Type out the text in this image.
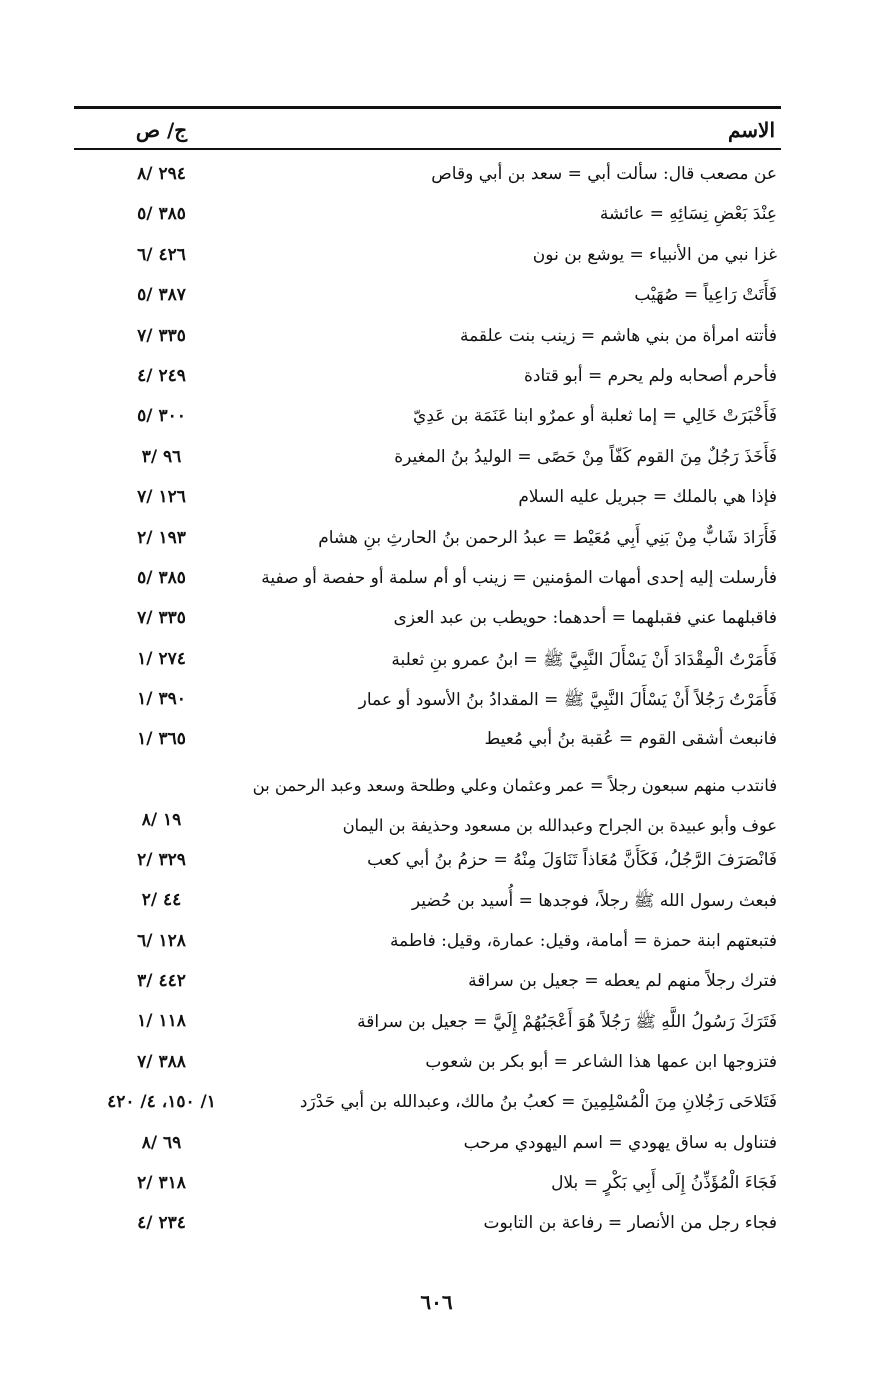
الاسم
ج/ ص
عن مصعب قال: سألت أبي = سعد بن أبي وقاص
٢٩٤ /٨
عِنْدَ بَعْضِ نِسَائِهِ = عائشة
٣٨٥ /٥
غزا نبي من الأنبياء = يوشع بن نون
٤٢٦ /٦
فَأَتَتْ رَاعِياً = صُهَيْب
٣٨٧ /٥
فأتته امرأة من بني هاشم = زينب بنت علقمة
٣٣٥ /٧
فأحرم أصحابه ولم يحرم = أبو قتادة
٢٤٩ /٤
فَأَخْبَرَتْ خَالِي = إما ثعلبة أو عمرٌو ابنا عَنَمَة بن عَدِيّ
٣٠٠ /٥
فَأَخَذَ رَجُلٌ مِنَ القوم كَفّاً مِنْ حَصًى = الوليدُ بنُ المغيرة
٩٦ /٣
فإذا هي بالملك = جبريل عليه السلام
١٢٦ /٧
فَأَرَادَ شَابٌّ مِنْ بَنِي أَبِي مُعَيْط = عبدُ الرحمن بنُ الحارثِ بنِ هشام
١٩٣ /٢
فأرسلت إليه إحدى أمهات المؤمنين = زينب أو أم سلمة أو حفصة أو صفية
٣٨٥ /٥
فاقبلهما عني فقبلهما = أحدهما: حويطب بن عبد العزى
٣٣٥ /٧
فَأَمَرْتُ الْمِقْدَادَ أَنْ يَسْأَلَ النَّبِيَّ ﷺ = ابنُ عمرو بنِ ثعلبة
٢٧٤ /١
فَأَمَرْتُ رَجُلاً أَنْ يَسْأَلَ النَّبِيَّ ﷺ = المقدادُ بنُ الأسود أو عمار
٣٩٠ /١
فانبعث أشقى القوم = عُقبة بنُ أبي مُعيط
٣٦٥ /١
فانتدب منهم سبعون رجلاً = عمر وعثمان وعلي وطلحة وسعد وعبد الرحمن بن
عوف وأبو عبيدة بن الجراح وعبدالله بن مسعود وحذيفة بن اليمان
١٩ /٨
فَانْصَرَفَ الرَّجُلُ، فَكَأَنَّ مُعَاذاً تَنَاوَلَ مِنْهُ = حزمُ بنُ أبي كعب
٣٢٩ /٢
فبعث رسول الله ﷺ رجلاً، فوجدها = أُسيد بن حُضير
٤٤ /٢
فتبعتهم ابنة حمزة = أمامة، وقيل: عمارة، وقيل: فاطمة
١٢٨ /٦
فترك رجلاً منهم لم يعطه = جعيل بن سراقة
٤٤٢ /٣
فَتَرَكَ رَسُولُ اللَّهِ ﷺ رَجُلاً هُوَ أَعْجَبُهُمْ إِلَيَّ = جعيل بن سراقة
١١٨ /١
فتزوجها ابن عمها هذا الشاعر = أبو بكر بن شعوب
٣٨٨ /٧
فَتَلاحَى رَجُلانِ مِنَ الْمُسْلِمِينَ = كعبُ بنُ مالك، وعبدالله بن أبي حَدْرَد
١/ ١٥٠، ٤/ ٤٢٠
فتناول به ساق يهودي = اسم اليهودي مرحب
٦٩ /٨
فَجَاءَ الْمُؤَذِّنُ إِلَى أَبِي بَكْرٍ = بلال
٣١٨ /٢
فجاء رجل من الأنصار = رفاعة بن التابوت
٢٣٤ /٤
٦٠٦
